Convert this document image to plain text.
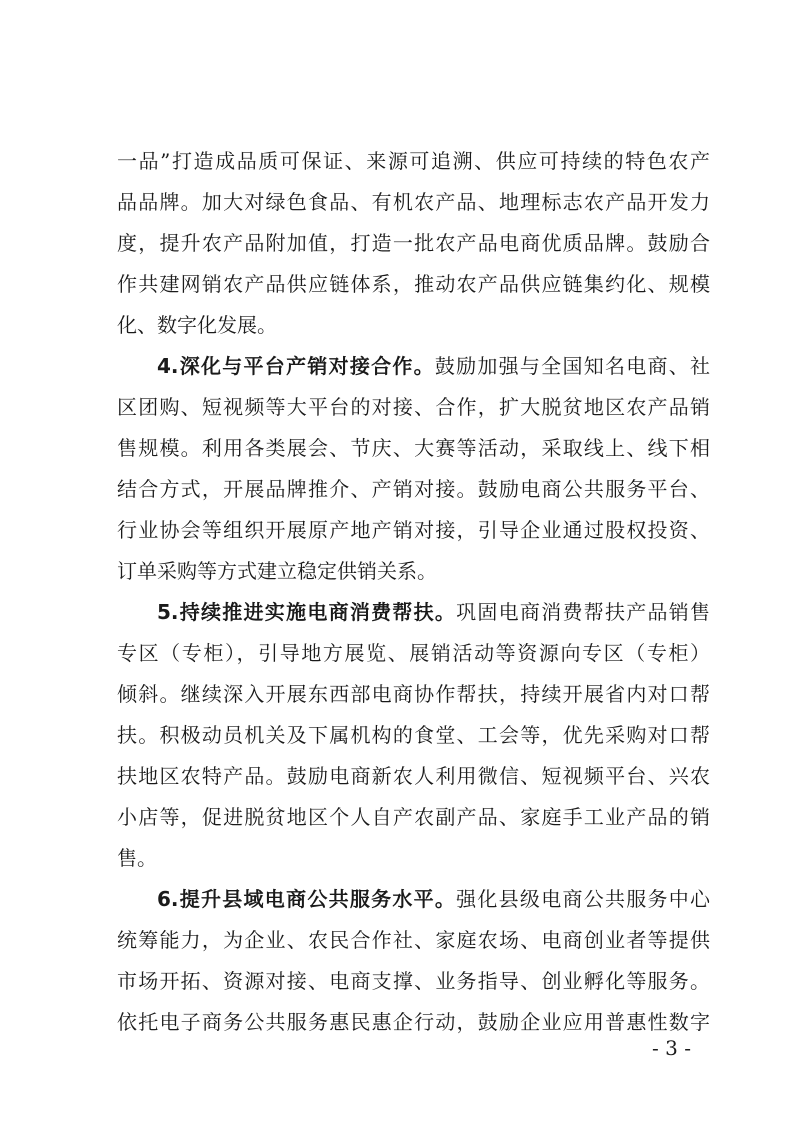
一品”打造成品质可保证、来源可追溯、供应可持续的特色农产
品品牌。加大对绿色食品、有机农产品、地理标志农产品开发力
度，提升农产品附加值，打造一批农产品电商优质品牌。鼓励合
作共建网销农产品供应链体系，推动农产品供应链集约化、规模
化、数字化发展。
4.深化与平台产销对接合作。鼓励加强与全国知名电商、社
区团购、短视频等大平台的对接、合作，扩大脱贫地区农产品销
售规模。利用各类展会、节庆、大赛等活动，采取线上、线下相
结合方式，开展品牌推介、产销对接。鼓励电商公共服务平台、
行业协会等组织开展原产地产销对接，引导企业通过股权投资、
订单采购等方式建立稳定供销关系。
5.持续推进实施电商消费帮扶。巩固电商消费帮扶产品销售
专区（专柜），引导地方展览、展销活动等资源向专区（专柜）
倾斜。继续深入开展东西部电商协作帮扶，持续开展省内对口帮
扶。积极动员机关及下属机构的食堂、工会等，优先采购对口帮
扶地区农特产品。鼓励电商新农人利用微信、短视频平台、兴农
小店等，促进脱贫地区个人自产农副产品、家庭手工业产品的销
售。
6.提升县域电商公共服务水平。强化县级电商公共服务中心
统筹能力，为企业、农民合作社、家庭农场、电商创业者等提供
市场开拓、资源对接、电商支撑、业务指导、创业孵化等服务。
依托电子商务公共服务惠民惠企行动，鼓励企业应用普惠性数字
- 3 -
